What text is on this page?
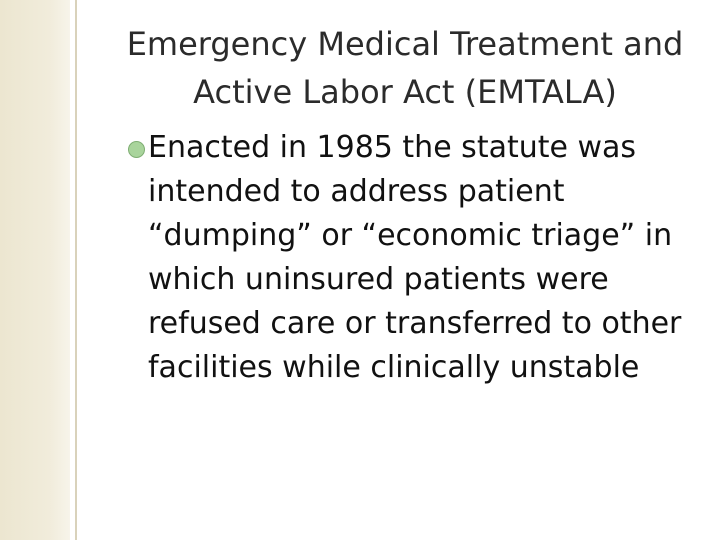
Emergency Medical Treatment and
Active Labor Act (EMTALA)
Enacted in 1985 the statute was intended to address patient “dumping” or “economic triage” in which uninsured patients were refused care or transferred to other facilities while clinically unstable
